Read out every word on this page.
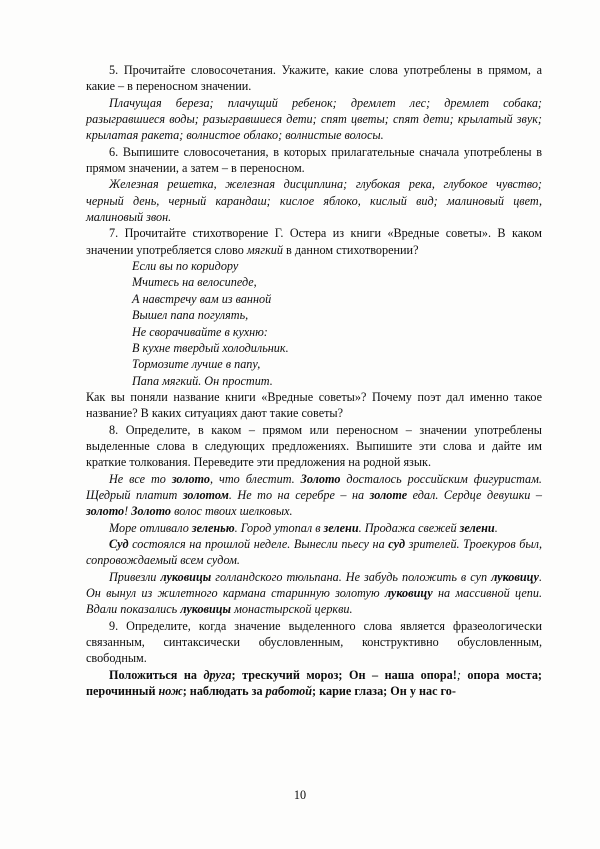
5. Прочитайте словосочетания. Укажите, какие слова употреблены в прямом, а какие – в переносном значении.

Плачущая береза; плачущий ребенок; дремлет лес; дремлет собака; разыгравшиеся воды; разыгравшиеся дети; спят цветы; спят дети; крылатый звук; крылатая ракета; волнистое облако; волнистые волосы.

6. Выпишите словосочетания, в которых прилагательные сначала употреблены в прямом значении, а затем – в переносном.

Железная решетка, железная дисциплина; глубокая река, глубокое чувство; черный день, черный карандаш; кислое яблоко, кислый вид; малиновый цвет, малиновый звон.

7. Прочитайте стихотворение Г. Остера из книги «Вредные советы». В каком значении употребляется слово мягкий в данном стихотворении?

Если вы по коридору

Мчитесь на велосипеде,

А навстречу вам из ванной

Вышел папа погулять,

Не сворачивайте в кухню:

В кухне твердый холодильник.

Тормозите лучше в папу,

Папа мягкий. Он простит.

Как вы поняли название книги «Вредные советы»? Почему поэт дал именно такое название? В каких ситуациях дают такие советы?

8. Определите, в каком – прямом или переносном – значении употреблены выделенные слова в следующих предложениях. Выпишите эти слова и дайте им краткие толкования. Переведите эти предложения на родной язык.

Не все то золото, что блестит. Золото досталось российским фигуристам. Щедрый платит золотом. Не то на серебре – на золоте едал. Сердце девушки – золото! Золото волос твоих шелковых.

Море отливало зеленью. Город утопал в зелени. Продажа свежей зелени.

Суд состоялся на прошлой неделе. Вынесли пьесу на суд зрителей. Троекуров был, сопровождаемый всем судом.

Привезли луковицы голландского тюльпана. Не забудь положить в суп луковицу. Он вынул из жилетного кармана старинную золотую луковицу на массивной цепи. Вдали показались луковицы монастырской церкви.

9. Определите, когда значение выделенного слова является фразеологически связанным, синтаксически обусловленным, конструктивно обусловленным, свободным.

Положиться на друга; трескучий мороз; Он – наша опора!; опора моста; перочинный нож; наблюдать за работой; карие глаза; Он у нас го-

10
